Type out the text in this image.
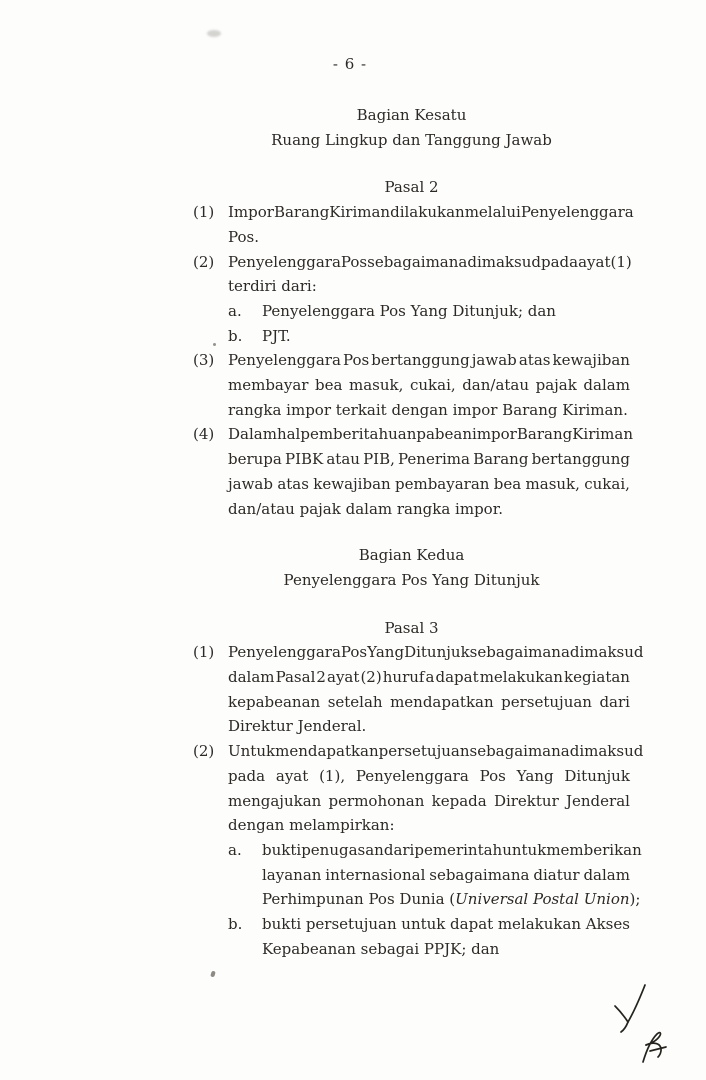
- 6 -
Bagian Kesatu
Ruang Lingkup dan Tanggung Jawab
Pasal 2
(1) Impor Barang Kiriman dilakukan melalui Penyelenggara
Pos.
(2) Penyelenggara Pos sebagaimana dimaksud pada ayat (1)
terdiri dari:
a. Penyelenggara Pos Yang Ditunjuk; dan
b. PJT.
(3) Penyelenggara Pos bertanggung jawab atas kewajiban
membayar bea masuk, cukai, dan/atau pajak dalam
rangka impor terkait dengan impor Barang Kiriman.
(4) Dalam hal pemberitahuan pabean impor Barang Kiriman
berupa PIBK atau PIB, Penerima Barang bertanggung
jawab atas kewajiban pembayaran bea masuk, cukai,
dan/atau pajak dalam rangka impor.
Bagian Kedua
Penyelenggara Pos Yang Ditunjuk
Pasal 3
(1) Penyelenggara Pos Yang Ditunjuk sebagaimana dimaksud
dalam Pasal 2 ayat (2) huruf a dapat melakukan kegiatan
kepabeanan setelah mendapatkan persetujuan dari
Direktur Jenderal.
(2) Untuk mendapatkan persetujuan sebagaimana dimaksud
pada ayat (1), Penyelenggara Pos Yang Ditunjuk
mengajukan permohonan kepada Direktur Jenderal
dengan melampirkan:
a. bukti penugasan dari pemerintah untuk memberikan
layanan internasional sebagaimana diatur dalam
Perhimpunan Pos Dunia (Universal Postal Union);
b. bukti persetujuan untuk dapat melakukan Akses
Kepabeanan sebagai PPJK; dan
